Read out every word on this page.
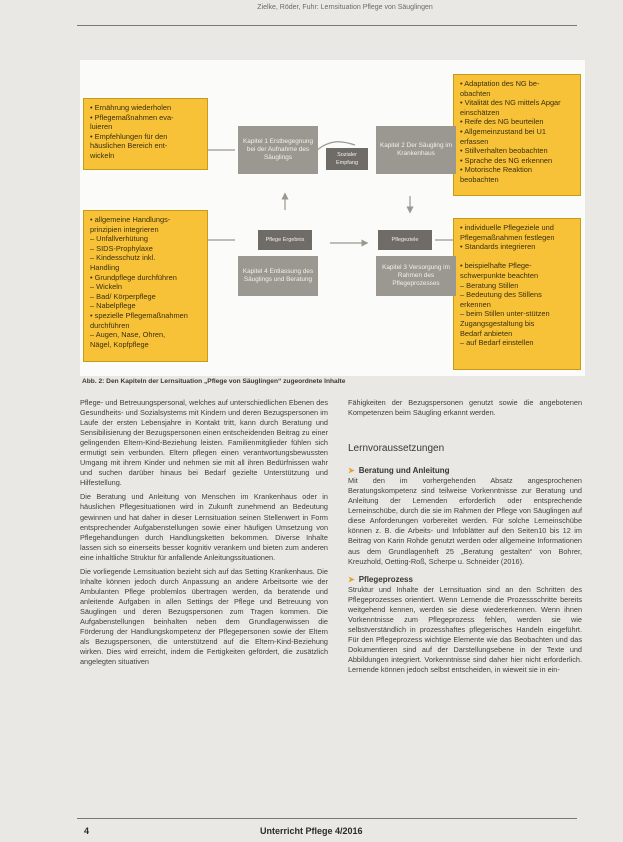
Zielke, Röder, Fuhr: Lernsituation Pflege von Säuglingen
• Ernährung wiederholen
• Pflegemaßnahmen eva-
luieren
• Empfehlungen für den
häuslichen Bereich ent-
wickeln
• Adaptation des NG be-
obachten
• Vitalität des NG mittels Apgar
einschätzen
• Reife des NG beurteilen
• Allgemeinzustand bei U1
erfassen
• Stillverhalten beobachten
• Sprache des NG erkennen
• Motorische Reaktion
beobachten
• allgemeine Handlungs-
prinzipien integrieren
– Unfallverhütung
– SIDS-Prophylaxe
– Kindesschutz inkl.
Handling
• Grundpflege durchführen
– Wickeln
– Bad/ Körperpflege
– Nabelpflege
• spezielle Pflegemaßnahmen
durchführen
– Augen, Nase, Ohren,
Nägel, Kopfpflege
• individuelle Pflegeziele und
Pflegemaßnahmen festlegen
• Standards integrieren

• beispielhafte Pflege-
schwerpunkte beachten
– Beratung Stillen
– Bedeutung des Stillens
erkennen
– beim Stillen unter-stützen
Zugangsgestaltung bis
Bedarf anbieten
– auf Bedarf einstellen
Kapitel 1 Erstbegegnung bei der Aufnahme des Säuglings
Kapitel 2 Der Säugling im Krankenhaus
Kapitel 4 Entlassung des Säuglings und Beratung
Kapitel 3 Versorgung im Rahmen des Pflegeprozesses
Sozialer Empfang
Pflege Ergebnis	Pflegeziele
Abb. 2: Den Kapiteln der Lernsituation „Pflege von Säuglingen“ zugeordnete Inhalte

Pflege- und Betreuungspersonal, welches auf unterschiedlichen Ebenen des Gesundheits- und Sozialsystems mit Kindern und deren Bezugspersonen im Laufe der ersten Lebensjahre in Kontakt tritt, kann durch Beratung und Sensibilisierung der Bezugspersonen einen entscheidenden Beitrag zu einer gelingenden Eltern-Kind-Beziehung leisten. Familienmitglieder fühlen sich ermutigt sein verbunden. Eltern pflegen einen verantwortungsbewussten Umgang mit ihrem Kinder und nehmen sie mit all ihren Bedürfnissen wahr und suchen darüber hinaus bei Bedarf gezielte Unterstützung und Hilfestellung.

Die Beratung und Anleitung von Menschen im Krankenhaus oder in häuslichen Pflegesituationen wird in Zukunft zunehmend an Bedeutung gewinnen und hat daher in dieser Lernsituation seinen Stellenwert in Form entsprechender Aufgabenstellungen sowie einer häufigen Umsetzung von Pflegehandlungen durch Handlungsketten bekommen. Diverse Inhalte lassen sich so einerseits besser kognitiv verankern und bieten zum anderen eine inhaltliche Struktur für anfallende Anleitungssituationen.

Die vorliegende Lernsituation bezieht sich auf das Setting Krankenhaus. Die Inhalte können jedoch durch Anpassung an andere Arbeitsorte wie der Ambulanten Pflege problemlos übertragen werden, da beratende und anleitende Aufgaben in allen Settings der Pflege und Betreuung von Säuglingen und deren Bezugspersonen zum Tragen kommen. Die Aufgabenstellungen beinhalten neben dem Grundlagenwissen die Förderung der Handlungskompetenz der Pflegepersonen sowie der Eltern als Bezugspersonen, die unterstützend auf die Eltern-Kind-Beziehung wirken. Dies wird erreicht, indem die Fertigkeiten gefördert, die zusätzlich angelegten situativen

Fähigkeiten der Bezugspersonen genutzt sowie die angebotenen Kompetenzen beim Säugling erkannt werden.

Lernvoraussetzungen
➤ Beratung und Anleitung

Mit den im vorhergehenden Absatz angesprochenen Beratungskompetenz sind teilweise Vorkenntnisse zur Beratung und Anleitung der Lernenden erforderlich oder entsprechende Lerneinschübe, durch die sie im Rahmen der Pflege von Säuglingen auf diese Anforderungen vorbereitet werden. Für solche Lerneinschübe können z. B. die Arbeits- und Infoblätter auf den Seiten10 bis 12 im Beitrag von Karin Rohde genutzt werden oder allgemeine Informationen aus dem Grundlagenheft 25 „Beratung gestalten“ von Bohrer, Kreuzhold, Oetting-Roß, Scherpe u. Schneider (2016).

➤ Pflegeprozess

Struktur und Inhalte der Lernsituation sind an den Schritten des Pflegeprozesses orientiert. Wenn Lernende die Prozessschritte bereits weitgehend kennen, werden sie diese wiedererkennen. Wenn ihnen Vorkenntnisse zum Pflegeprozess fehlen, werden sie wie selbstverständlich in prozesshaftes pflegerisches Handeln eingeführt. Für den Pflegeprozess wichtige Elemente wie das Beobachten und das Dokumentieren sind auf der Darstellungsebene in der Texte und Abbildungen integriert. Vorkenntnisse sind daher hier nicht erforderlich. Lernende können jedoch selbst entscheiden, in wieweit sie in ein-

4	Unterricht Pflege 4/2016
